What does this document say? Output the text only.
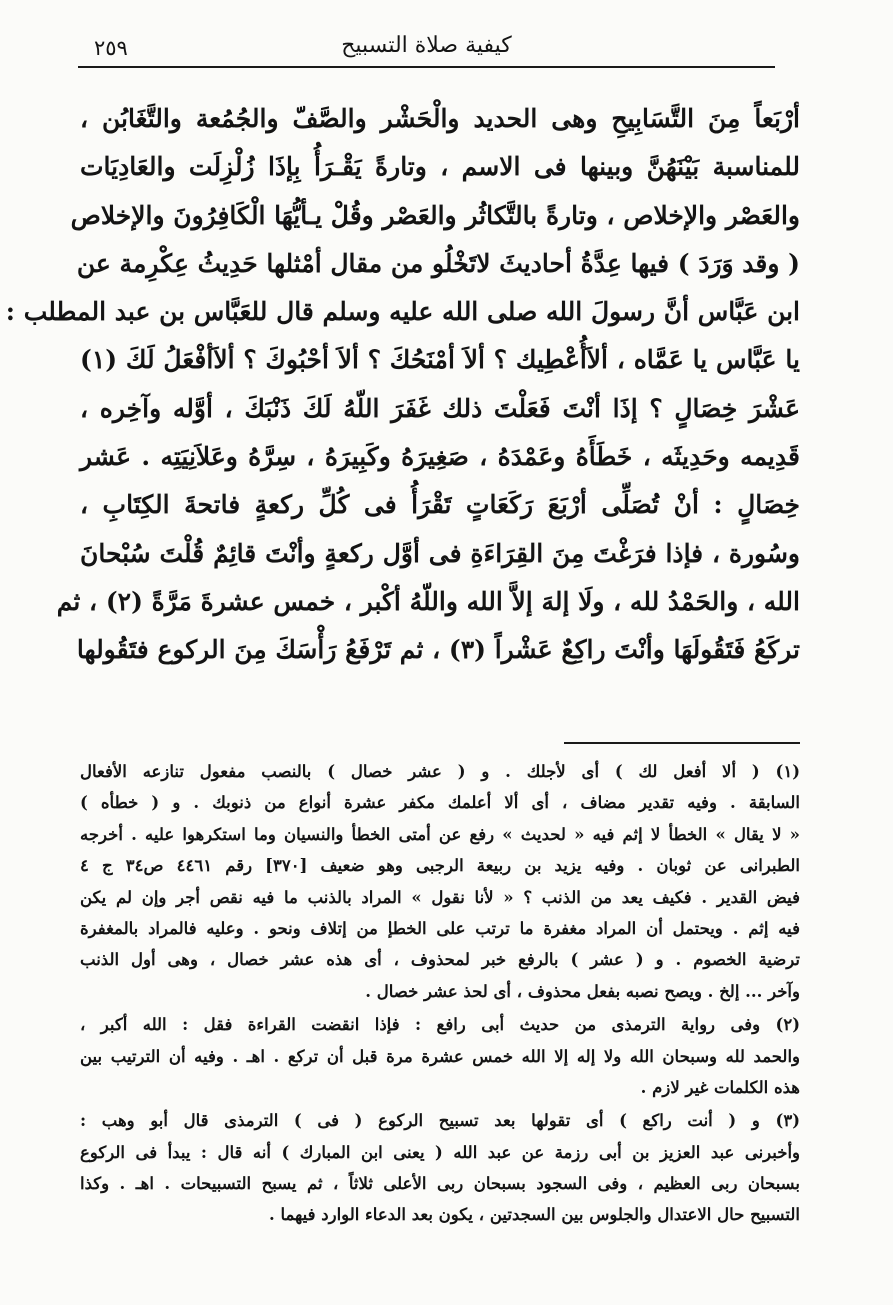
٢٥٩	كيفية صلاة التسبيح
أرْبَعاً مِنَ التَّسَابِيحِ وهى الحديد والْحَشْر والصَّفّ والجُمُعة والتَّغَابُن ،
للمناسبة بَيْنَهُنَّ وبينها فى الاسم ، وتارةً يَقْـرَأُ بِإذَا زُلْزِلَت والعَادِيَات
والعَصْر والإخلاص ، وتارةً بالتَّكاثُر والعَصْر وقُلْ يـأيُّهَا الْكَافِرُونَ والإخلاص
( وقد وَرَدَ ) فيها عِدَّةُ أحاديثَ لاتَخْلُو من مقال أمْثلها حَدِيثُ عِكْرِمة عن
ابن عَبَّاس أنَّ رسولَ الله صلى الله عليه وسلم قال للعَبَّاس بن عبد المطلب :
يا عَبَّاس يا عَمَّاه ، ألاَأُعْطِيك ؟ ألاَ أمْنَحُكَ ؟ ألاَ أحْبُوكَ ؟ ألاَأفْعَلُ لَكَ (١)
عَشْرَ خِصَالٍ ؟ إذَا أنْتَ فَعَلْتَ ذلك غَفَرَ اللّهُ لَكَ ذَنْبَكَ ، أوَّله وآخِره ،
قَدِيمه وحَدِيثَه ، خَطَأَهُ وعَمْدَهُ ، صَغِيرَهُ وكَبِيرَهُ ، سِرَّهُ وعَلاَنِيَتِه . عَشر
خِصَالٍ : أنْ تُصَلِّى أرْبَعَ رَكَعَاتٍ تَقْرَأُ فى كُلِّ ركعةٍ فاتحةَ الكِتَابِ ،
وسُورة ، فإذا فرَغْتَ مِنَ القِرَاءَةِ فى أوَّل ركعةٍ وأنْتَ قائِمٌ قُلْتَ سُبْحانَ
الله ، والحَمْدُ لله ، ولَا إلهَ إلاَّ الله واللّهُ أكْبر ، خمس عشرةَ مَرَّةً (٢) ، ثم
تركَعُ فَتَقُولَهَا وأنْتَ راكِعٌ عَشْراً (٣) ، ثم تَرْفَعُ رَأْسَكَ مِنَ الركوع فتَقُولها
(١) ( ألا أفعل لك ) أى لأجلك . و ( عشر خصال ) بالنصب مفعول تنازعه الأفعال
السابقة . وفيه تقدير مضاف ، أى ألا أعلمك مكفر عشرة أنواع من ذنوبك . و ( خطأه )
« لا يقال » الخطأ لا إثم فيه « لحديث » رفع عن أمتى الخطأ والنسيان وما استكرهوا عليه . أخرجه
الطبرانى عن ثوبان . وفيه يزيد بن ربيعة الرجبى وهو ضعيف [٣٧٠] رقم ٤٤٦١ ص٣٤ ج ٤
فيض القدير . فكيف يعد من الذنب ؟ « لأنا نقول » المراد بالذنب ما فيه نقص أجر وإن لم يكن
فيه إثم . ويحتمل أن المراد مغفرة ما ترتب على الخطإ من إتلاف ونحو . وعليه فالمراد بالمغفرة
ترضية الخصوم . و ( عشر ) بالرفع خبر لمحذوف ، أى هذه عشر خصال ، وهى أول الذنب
وآخر ... إلخ . ويصح نصبه بفعل محذوف ، أى لحذ عشر خصال .
(٢) وفى رواية الترمذى من حديث أبى رافع : فإذا انقضت القراءة فقل : الله أكبر ،
والحمد لله وسبحان الله ولا إله إلا الله خمس عشرة مرة قبل أن تركع . اهـ . وفيه أن الترتيب بين
هذه الكلمات غير لازم .
(٣) و ( أنت راكع ) أى تقولها بعد تسبيح الركوع ( فى ) الترمذى قال أبو وهب :
وأخبرنى عبد العزيز بن أبى رزمة عن عبد الله ( يعنى ابن المبارك ) أنه قال : يبدأ فى الركوع
بسبحان ربى العظيم ، وفى السجود بسبحان ربى الأعلى ثلاثاً ، ثم يسبح التسبيحات . اهـ . وكذا
التسبيح حال الاعتدال والجلوس بين السجدتين ، يكون بعد الدعاء الوارد فيهما .
